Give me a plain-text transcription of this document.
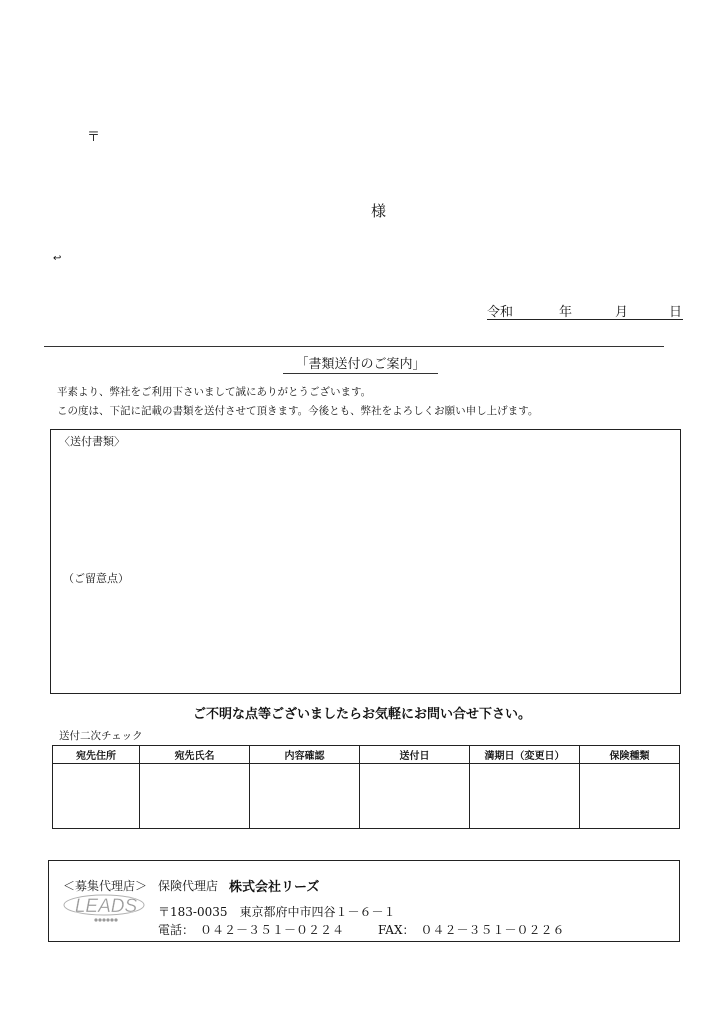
〒
様
↩
令和	年	月	日
「書類送付のご案内」
平素より、弊社をご利用下さいまして誠にありがとうございます。
この度は、下記に記載の書類を送付させて頂きます。今後とも、弊社をよろしくお願い申し上げます。
〈送付書類〉
（ご留意点）
ご不明な点等ございましたらお気軽にお問い合せ下さい。
送付二次チェック
宛先住所	宛先氏名	内容確認	送付日	満期日（変更日）	保険種類

＜募集代理店＞ 保険代理店 株式会社リーズ
LEADS 〒183-0035　東京都府中市四谷１－６－１
電話：　０４２－３５１－０２２４	FAX：　０４２－３５１－０２２６
